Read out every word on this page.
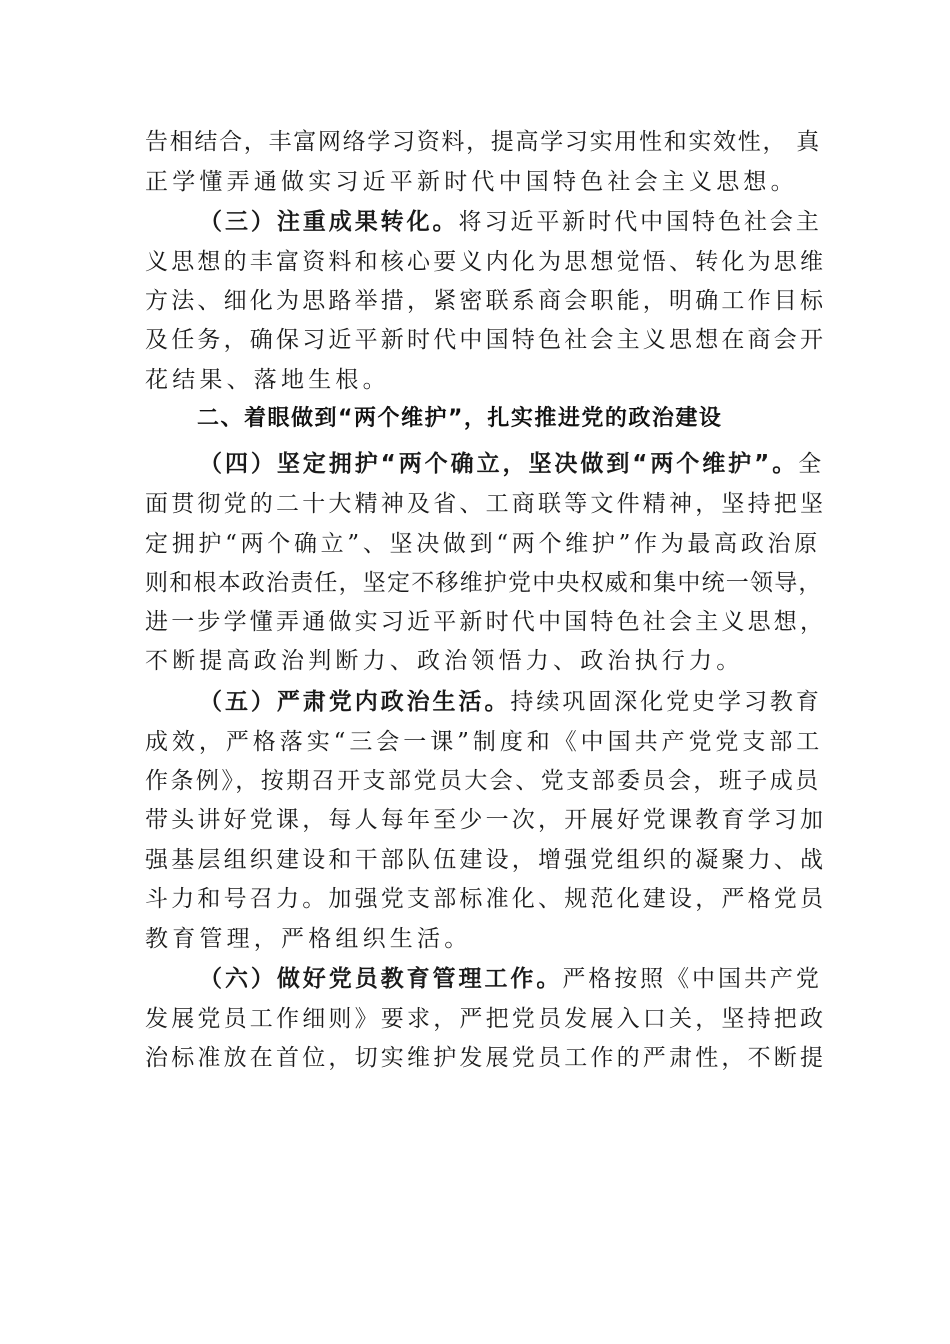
告相结合，丰富网络学习资料，提高学习实用性和实效性， 真
正学懂弄通做实习近平新时代中国特色社会主义思想。
（三）注重成果转化。将习近平新时代中国特色社会主
义思想的丰富资料和核心要义内化为思想觉悟、转化为思维
方法、细化为思路举措，紧密联系商会职能，明确工作目标
及任务，确保习近平新时代中国特色社会主义思想在商会开
花结果、落地生根。
二、着眼做到“两个维护”，扎实推进党的政治建设
（四）坚定拥护“两个确立，坚决做到“两个维护”。全
面贯彻党的二十大精神及省、工商联等文件精神，坚持把坚
定拥护“两个确立”、坚决做到“两个维护”作为最高政治原
则和根本政治责任，坚定不移维护党中央权威和集中统一领导，
进一步学懂弄通做实习近平新时代中国特色社会主义思想，
不断提高政治判断力、政治领悟力、政治执行力。
（五）严肃党内政治生活。持续巩固深化党史学习教育
成效，严格落实“三会一课”制度和《中国共产党党支部工
作条例》，按期召开支部党员大会、党支部委员会，班子成员
带头讲好党课，每人每年至少一次，开展好党课教育学习加
强基层组织建设和干部队伍建设，增强党组织的凝聚力、战
斗力和号召力。加强党支部标准化、规范化建设，严格党员
教育管理，严格组织生活。
（六）做好党员教育管理工作。严格按照《中国共产党
发展党员工作细则》要求，严把党员发展入口关，坚持把政
治标准放在首位，切实维护发展党员工作的严肃性，不断提
